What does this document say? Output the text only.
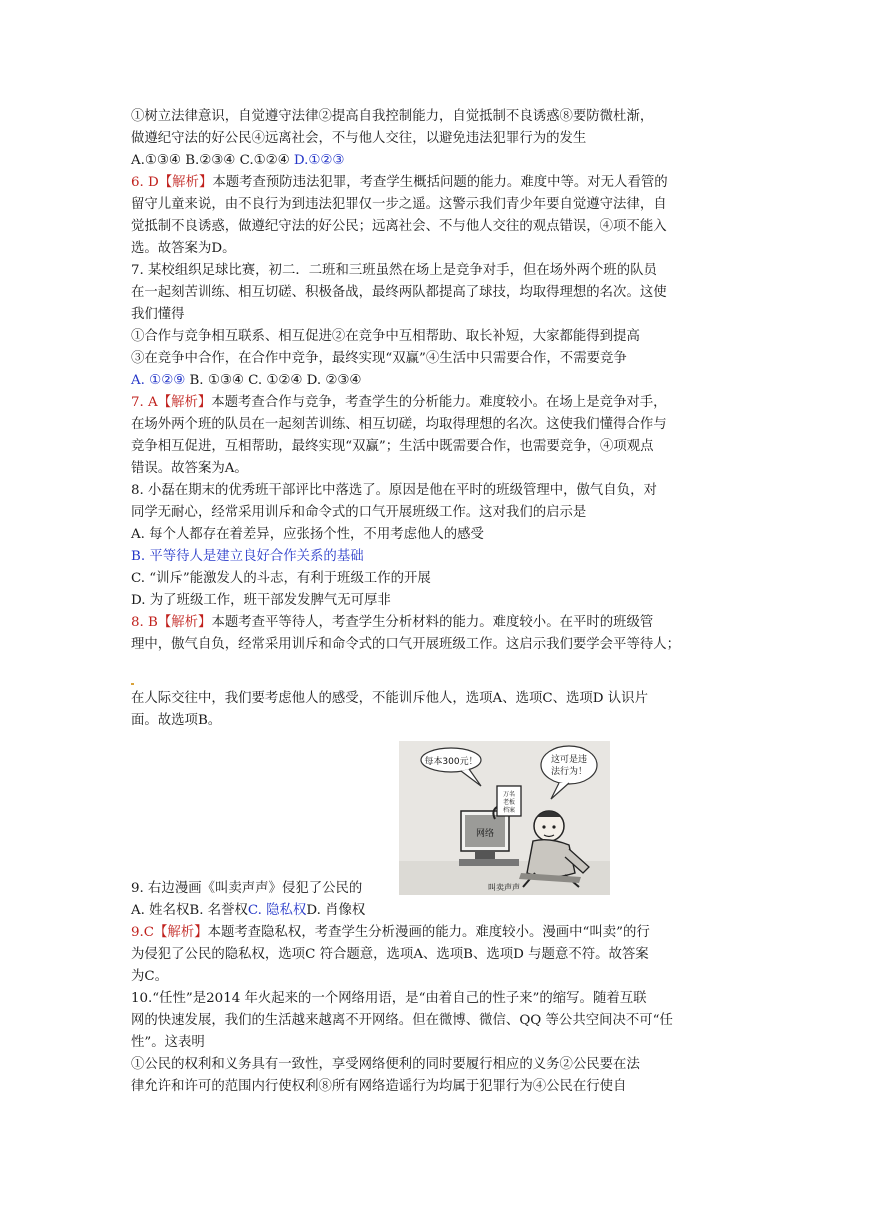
①树立法律意识，自觉遵守法律②提高自我控制能力，自觉抵制不良诱惑⑧要防微杜渐，
做遵纪守法的好公民④远离社会，不与他人交往，以避免违法犯罪行为的发生
A.①③④ B.②③④ C.①②④ D.①②③
6. D【解析】本题考查预防违法犯罪，考查学生概括问题的能力。难度中等。对无人看管的
留守儿童来说，由不良行为到违法犯罪仅一步之遥。这警示我们青少年要自觉遵守法律，自
觉抵制不良诱惑，做遵纪守法的好公民；远离社会、不与他人交往的观点错误，④项不能入
选。故答案为D。
7. 某校组织足球比赛，初二．二班和三班虽然在场上是竞争对手，但在场外两个班的队员
在一起刻苦训练、相互切磋、积极备战，最终两队都提高了球技，均取得理想的名次。这使
我们懂得
①合作与竞争相互联系、相互促进②在竞争中互相帮助、取长补短，大家都能得到提高
③在竞争中合作，在合作中竞争，最终实现“双赢”④生活中只需要合作，不需要竞争
A. ①②⑨ B. ①③④ C. ①②④ D. ②③④
7. A【解析】本题考查合作与竞争，考查学生的分析能力。难度较小。在场上是竞争对手，
在场外两个班的队员在一起刻苦训练、相互切磋，均取得理想的名次。这使我们懂得合作与
竞争相互促进，互相帮助，最终实现“双赢”；生活中既需要合作，也需要竞争，④项观点
错误。故答案为A。
8. 小磊在期末的优秀班干部评比中落选了。原因是他在平时的班级管理中，傲气自负，对
同学无耐心，经常采用训斥和命令式的口气开展班级工作。这对我们的启示是
A. 每个人都存在着差异，应张扬个性，不用考虑他人的感受
B. 平等待人是建立良好合作关系的基础
C. “训斥”能激发人的斗志，有利于班级工作的开展
D. 为了班级工作，班干部发发脾气无可厚非
8. B【解析】本题考查平等待人，考查学生分析材料的能力。难度较小。在平时的班级管
理中，傲气自负，经常采用训斥和命令式的口气开展班级工作。这启示我们要学会平等待人；
在人际交往中，我们要考虑他人的感受，不能训斥他人，选项A、选项C、选项D 认识片
面。故选项B。
9. 右边漫画《叫卖声声》侵犯了公民的
A. 姓名权B. 名誉权C. 隐私权D. 肖像权
9.C【解析】本题考查隐私权，考查学生分析漫画的能力。难度较小。漫画中“叫卖”的行
为侵犯了公民的隐私权，选项C 符合题意，选项A、选项B、选项D 与题意不符。故答案
为C。
10.“任性”是2014 年火起来的一个网络用语，是“由着自己的性子来”的缩写。随着互联
网的快速发展，我们的生活越来越离不开网络。但在微博、微信、QQ 等公共空间决不可“任
性”。这表明
①公民的权利和义务具有一致性，享受网络便利的同时要履行相应的义务②公民要在法
律允许和许可的范围内行使权利⑧所有网络造谣行为均属于犯罪行为④公民在行使自
每本300元！	这可是违
法行为！
网络
万名
老板
档案
叫卖声声
